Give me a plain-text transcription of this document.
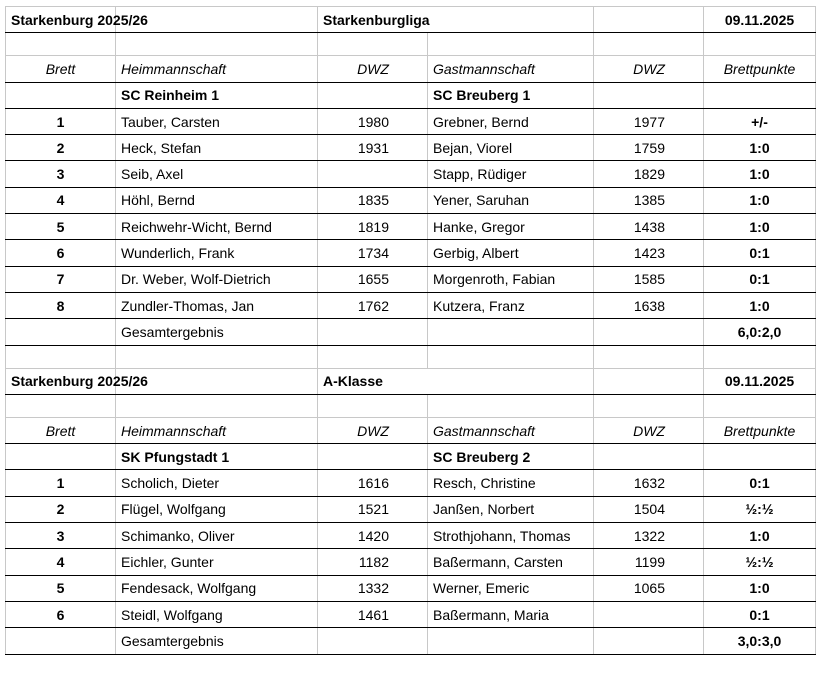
Starkenburg 2025/26		Starkenburgliga			09.11.2025

Brett	Heimmannschaft	DWZ	Gastmannschaft	DWZ	Brettpunkte
	SC Reinheim 1		SC Breuberg 1		
1	Tauber, Carsten	1980	Grebner, Bernd	1977	+/-
2	Heck, Stefan	1931	Bejan, Viorel	1759	1:0
3	Seib, Axel		Stapp, Rüdiger	1829	1:0
4	Höhl, Bernd	1835	Yener, Saruhan	1385	1:0
5	Reichwehr-Wicht, Bernd	1819	Hanke, Gregor	1438	1:0
6	Wunderlich, Frank	1734	Gerbig, Albert	1423	0:1
7	Dr. Weber, Wolf-Dietrich	1655	Morgenroth, Fabian	1585	0:1
8	Zundler-Thomas, Jan	1762	Kutzera, Franz	1638	1:0
	Gesamtergebnis				6,0:2,0

Starkenburg 2025/26		A-Klasse			09.11.2025

Brett	Heimmannschaft	DWZ	Gastmannschaft	DWZ	Brettpunkte
	SK Pfungstadt 1		SC Breuberg 2		
1	Scholich, Dieter	1616	Resch, Christine	1632	0:1
2	Flügel, Wolfgang	1521	Janßen, Norbert	1504	½:½
3	Schimanko, Oliver	1420	Strothjohann, Thomas	1322	1:0
4	Eichler, Gunter	1182	Baßermann, Carsten	1199	½:½
5	Fendesack, Wolfgang	1332	Werner, Emeric	1065	1:0
6	Steidl, Wolfgang	1461	Baßermann, Maria		0:1
	Gesamtergebnis				3,0:3,0
